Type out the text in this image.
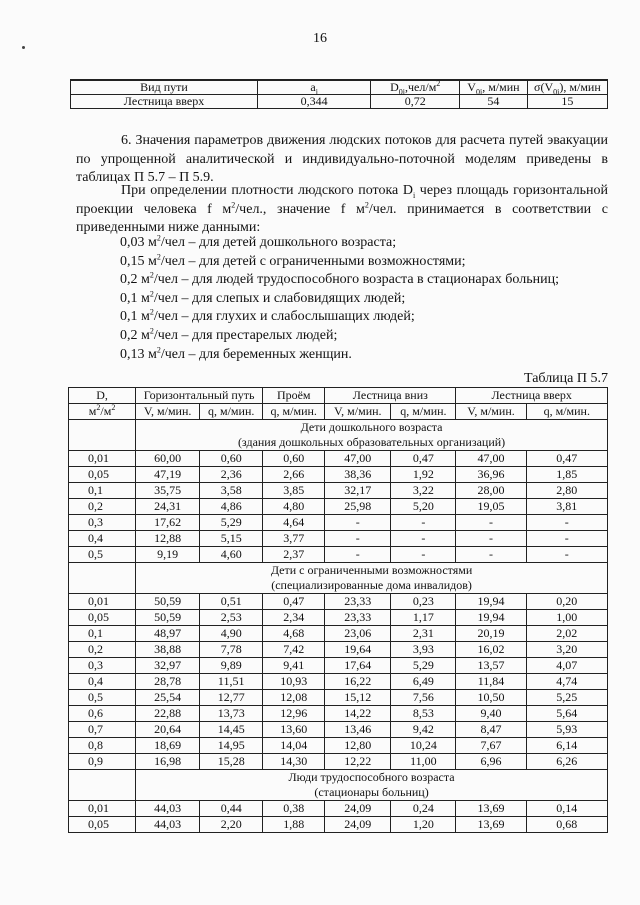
16
Вид пути	$a_i$	$D_{0i},чел/м^2$	$V_{0i}$, м/мин	$\sigma(V_{0i})$, м/мин
Лестница вверх	0,344	0,72	54	15
6. Значения параметров движения людских потоков для расчета путей эвакуации по упрощенной аналитической и индивидуально-поточной моделям приведены в таблицах П 5.7 – П 5.9.
При определении плотности людского потока $D_i$ через площадь горизонтальной проекции человека f $м^2$/чел., значение f $м^2$/чел. принимается в соответствии с приведенными ниже данными:
0,03 $м^2$/чел – для детей дошкольного возраста;
0,15 $м^2$/чел – для детей с ограниченными возможностями;
0,2 $м^2$/чел – для людей трудоспособного возраста в стационарах больниц;
0,1 $м^2$/чел – для слепых и слабовидящих людей;
0,1 $м^2$/чел – для глухих и слабослышащих людей;
0,2 $м^2$/чел – для престарелых людей;
0,13 $м^2$/чел – для беременных женщин.
Таблица П 5.7
D,	Горизонтальный путь		Проём	Лестница вниз		Лестница вверх	
$м^2/м^2$	V, м/мин.	q, м/мин.	q, м/мин.	V, м/мин.	q, м/мин.	V, м/мин.	q, м/мин.
	Дети дошкольного возраста						
	(здания дошкольных образовательных организаций)						
0,01	60,00	0,60	0,60	47,00	0,47	47,00	0,47
0,05	47,19	2,36	2,66	38,36	1,92	36,96	1,85
0,1	35,75	3,58	3,85	32,17	3,22	28,00	2,80
0,2	24,31	4,86	4,80	25,98	5,20	19,05	3,81
0,3	17,62	5,29	4,64	-	-	-	-
0,4	12,88	5,15	3,77	-	-	-	-
0,5	9,19	4,60	2,37	-	-	-	-
	Дети с ограниченными возможностями						
	(специализированные дома инвалидов)						
0,01	50,59	0,51	0,47	23,33	0,23	19,94	0,20
0,05	50,59	2,53	2,34	23,33	1,17	19,94	1,00
0,1	48,97	4,90	4,68	23,06	2,31	20,19	2,02
0,2	38,88	7,78	7,42	19,64	3,93	16,02	3,20
0,3	32,97	9,89	9,41	17,64	5,29	13,57	4,07
0,4	28,78	11,51	10,93	16,22	6,49	11,84	4,74
0,5	25,54	12,77	12,08	15,12	7,56	10,50	5,25
0,6	22,88	13,73	12,96	14,22	8,53	9,40	5,64
0,7	20,64	14,45	13,60	13,46	9,42	8,47	5,93
0,8	18,69	14,95	14,04	12,80	10,24	7,67	6,14
0,9	16,98	15,28	14,30	12,22	11,00	6,96	6,26
	Люди трудоспособного возраста						
	(стационары больниц)						
0,01	44,03	0,44	0,38	24,09	0,24	13,69	0,14
0,05	44,03	2,20	1,88	24,09	1,20	13,69	0,68
